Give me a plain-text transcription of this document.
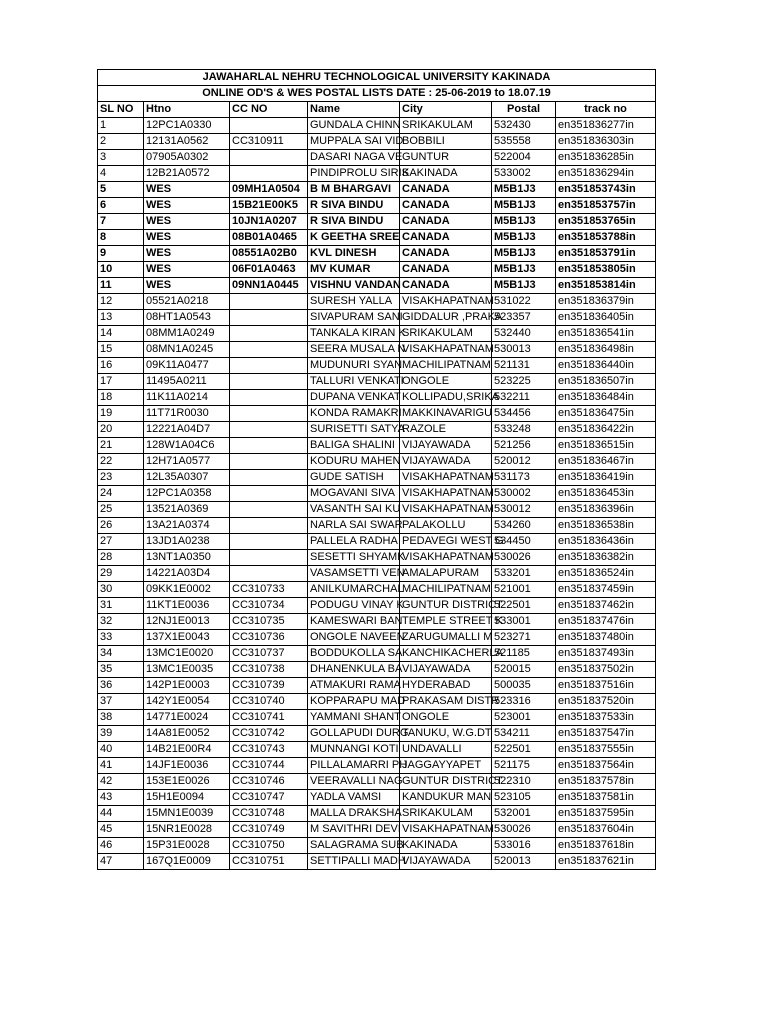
JAWAHARLAL NEHRU TECHNOLOGICAL UNIVERSITY KAKINADA						
ONLINE OD'S & WES POSTAL LISTS DATE : 25-06-2019 to 18.07.19						
SL NO	Htno	CC NO	Name	City	Postal	track no
1	12PC1A0330		GUNDALA CHINN	SRIKAKULAM	532430	en351836277in
2	12131A0562	CC310911	MUPPALA SAI VID	BOBBILI	535558	en351836303in
3	07905A0302		DASARI NAGA VE	GUNTUR	522004	en351836285in
4	12B21A0572		PINDIPROLU SIRIS	KAKINADA	533002	en351836294in
5	WES	09MH1A0504	B M BHARGAVI	CANADA	M5B1J3	en351853743in
6	WES	15B21E00K5	R SIVA BINDU	CANADA	M5B1J3	en351853757in
7	WES	10JN1A0207	R SIVA BINDU	CANADA	M5B1J3	en351853765in
8	WES	08B01A0465	K GEETHA SREE	CANADA	M5B1J3	en351853788in
9	WES	08551A02B0	KVL DINESH	CANADA	M5B1J3	en351853791in
10	WES	06F01A0463	MV KUMAR	CANADA	M5B1J3	en351853805in
11	WES	09NN1A0445	VISHNU VANDAN	CANADA	M5B1J3	en351853814in
12	05521A0218		SURESH YALLA	VISAKHAPATNAM	531022	en351836379in
13	08HT1A0543		SIVAPURAM SANI	GIDDALUR ,PRAKA	523357	en351836405in
14	08MM1A0249		TANKALA KIRAN K	SRIKAKULAM	532440	en351836541in
15	08MN1A0245		SEERA MUSALA N	VISAKHAPATNAM	530013	en351836498in
16	09K11A0477		MUDUNURI SYAN	MACHILIPATNAM	521131	en351836440in
17	11495A0211		TALLURI VENKATI	ONGOLE	523225	en351836507in
18	11K11A0214		DUPANA VENKAT	KOLLIPADU,SRIKA	532211	en351836484in
19	11T71R0030		KONDA RAMAKRI	MAKKINAVARIGU	534456	en351836475in
20	12221A04D7		SURISETTI SATYA	RAZOLE	533248	en351836422in
21	128W1A04C6		BALIGA SHALINI	VIJAYAWADA	521256	en351836515in
22	12H71A0577		KODURU MAHEN	VIJAYAWADA	520012	en351836467in
23	12L35A0307		GUDE SATISH	VISAKHAPATNAM	531173	en351836419in
24	12PC1A0358		MOGAVANI SIVA	VISAKHAPATNAM	530002	en351836453in
25	13521A0369		VASANTH SAI KU	VISAKHAPATNAM	530012	en351836396in
26	13A21A0374		NARLA SAI SWAR	PALAKOLLU	534260	en351836538in
27	13JD1A0238		PALLELA RADHA	PEDAVEGI WEST G	534450	en351836436in
28	13NT1A0350		SESETTI SHYAMK	VISAKHAPATNAM	530026	en351836382in
29	14221A03D4		VASAMSETTI VEN	AMALAPURAM	533201	en351836524in
30	09KK1E0002	CC310733	ANILKUMARCHAL	MACHILIPATNAM	521001	en351837459in
31	11KT1E0036	CC310734	PODUGU VINAY K	GUNTUR DISTRICT	522501	en351837462in
32	12NJ1E0013	CC310735	KAMESWARI BAN	TEMPLE STREET K	533001	en351837476in
33	137X1E0043	CC310736	ONGOLE NAVEEN	ZARUGUMALLI M	523271	en351837480in
34	13MC1E0020	CC310737	BODDUKOLLA SA	KANCHIKACHERLA	521185	en351837493in
35	13MC1E0035	CC310738	DHANENKULA BA	VIJAYAWADA	520015	en351837502in
36	142P1E0003	CC310739	ATMAKURI RAMA	HYDERABAD	500035	en351837516in
37	142Y1E0054	CC310740	KOPPARAPU MAD	PRAKASAM DISTR	523316	en351837520in
38	14771E0024	CC310741	YAMMANI SHANT	ONGOLE	523001	en351837533in
39	14A81E0052	CC310742	GOLLAPUDI DURG	TANUKU, W.G.DT	534211	en351837547in
40	14B21E00R4	CC310743	MUNNANGI KOTI	UNDAVALLI	522501	en351837555in
41	14JF1E0036	CC310744	PILLALAMARRI PH	JAGGAYYAPET	521175	en351837564in
42	153E1E0026	CC310746	VEERAVALLI NAG	GUNTUR DISTRICT	522310	en351837578in
43	15H1E0094	CC310747	YADLA VAMSI	KANDUKUR MAN	523105	en351837581in
44	15MN1E0039	CC310748	MALLA DRAKSHA	SRIKAKULAM	532001	en351837595in
45	15NR1E0028	CC310749	M SAVITHRI DEVI	VISAKHAPATNAM	530026	en351837604in
46	15P31E0028	CC310750	SALAGRAMA SUB	KAKINADA	533016	en351837618in
47	167Q1E0009	CC310751	SETTIPALLI MADH	VIJAYAWADA	520013	en351837621in
